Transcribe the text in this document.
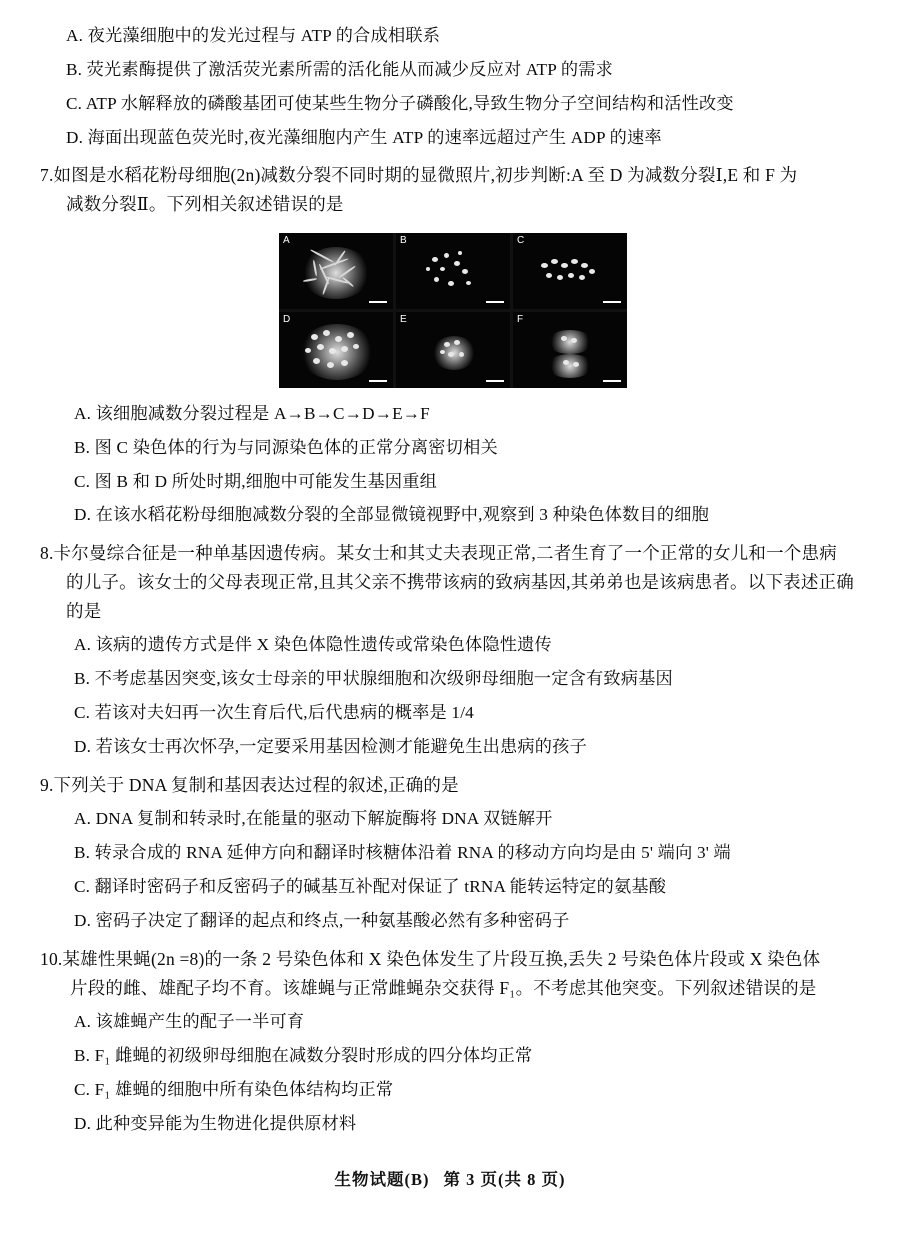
A. 夜光藻细胞中的发光过程与 ATP 的合成相联系
B. 荧光素酶提供了激活荧光素所需的活化能从而减少反应对 ATP 的需求
C. ATP 水解释放的磷酸基团可使某些生物分子磷酸化,导致生物分子空间结构和活性改变
D. 海面出现蓝色荧光时,夜光藻细胞内产生 ATP 的速率远超过产生 ADP 的速率
7.如图是水稻花粉母细胞(2n)减数分裂不同时期的显微照片,初步判断:A 至 D 为减数分裂Ⅰ,E 和 F 为
减数分裂Ⅱ。下列相关叙述错误的是
A	B	C
D	E	F
A. 该细胞减数分裂过程是 A→B→C→D→E→F
B. 图 C 染色体的行为与同源染色体的正常分离密切相关
C. 图 B 和 D 所处时期,细胞中可能发生基因重组
D. 在该水稻花粉母细胞减数分裂的全部显微镜视野中,观察到 3 种染色体数目的细胞
8.卡尔曼综合征是一种单基因遗传病。某女士和其丈夫表现正常,二者生育了一个正常的女儿和一个患病
的儿子。该女士的父母表现正常,且其父亲不携带该病的致病基因,其弟弟也是该病患者。以下表述正确
的是
A. 该病的遗传方式是伴 X 染色体隐性遗传或常染色体隐性遗传
B. 不考虑基因突变,该女士母亲的甲状腺细胞和次级卵母细胞一定含有致病基因
C. 若该对夫妇再一次生育后代,后代患病的概率是 1/4
D. 若该女士再次怀孕,一定要采用基因检测才能避免生出患病的孩子
9.下列关于 DNA 复制和基因表达过程的叙述,正确的是
A. DNA 复制和转录时,在能量的驱动下解旋酶将 DNA 双链解开
B. 转录合成的 RNA 延伸方向和翻译时核糖体沿着 RNA 的移动方向均是由 5' 端向 3' 端
C. 翻译时密码子和反密码子的碱基互补配对保证了 tRNA 能转运特定的氨基酸
D. 密码子决定了翻译的起点和终点,一种氨基酸必然有多种密码子
10.某雄性果蝇(2n =8)的一条 2 号染色体和 X 染色体发生了片段互换,丢失 2 号染色体片段或 X 染色体
片段的雌、雄配子均不育。该雄蝇与正常雌蝇杂交获得 F₁。不考虑其他突变。下列叙述错误的是
A. 该雄蝇产生的配子一半可育
B. F₁ 雌蝇的初级卵母细胞在减数分裂时形成的四分体均正常
C. F₁ 雄蝇的细胞中所有染色体结构均正常
D. 此种变异能为生物进化提供原材料
生物试题(B) 第 3 页(共 8 页)
